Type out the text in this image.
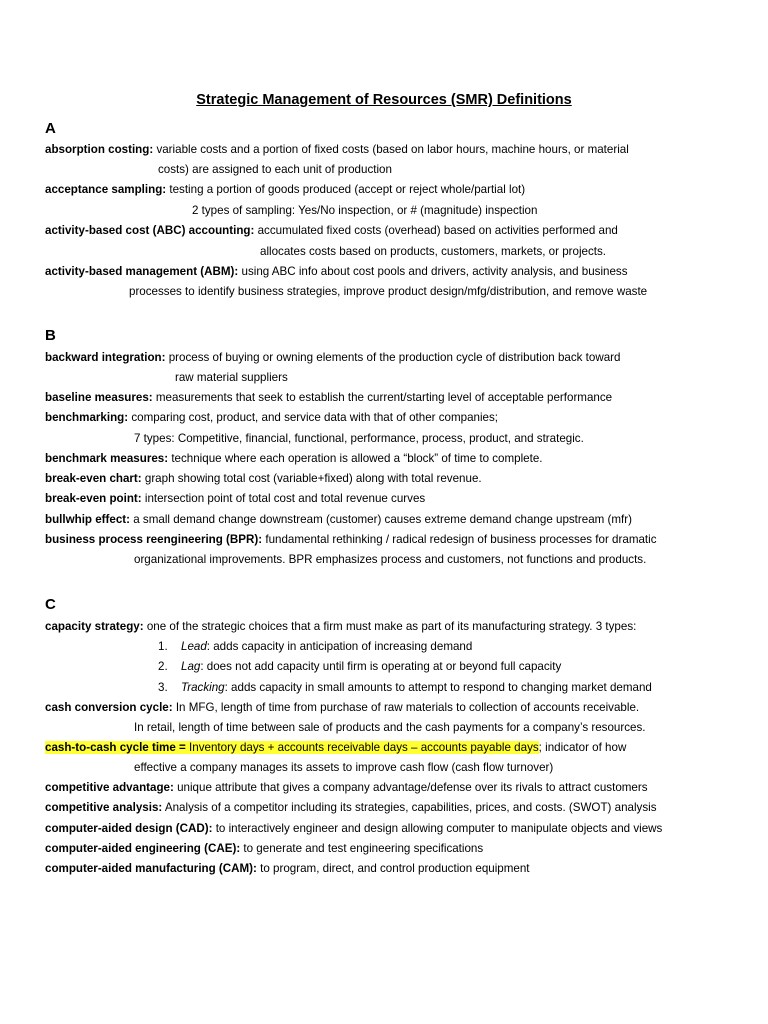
Strategic Management of Resources (SMR) Definitions
A
absorption costing: variable costs and a portion of fixed costs (based on labor hours, machine hours, or material
costs) are assigned to each unit of production
acceptance sampling: testing a portion of goods produced (accept or reject whole/partial lot)
2 types of sampling: Yes/No inspection, or # (magnitude) inspection
activity-based cost (ABC) accounting: accumulated fixed costs (overhead) based on activities performed and
allocates costs based on products, customers, markets, or projects.
activity-based management (ABM): using ABC info about cost pools and drivers, activity analysis, and business
processes to identify business strategies, improve product design/mfg/distribution, and remove waste
B
backward integration: process of buying or owning elements of the production cycle of distribution back toward
raw material suppliers
baseline measures: measurements that seek to establish the current/starting level of acceptable performance
benchmarking: comparing cost, product, and service data with that of other companies;
7 types: Competitive, financial, functional, performance, process, product, and strategic.
benchmark measures: technique where each operation is allowed a “block” of time to complete.
break-even chart: graph showing total cost (variable+fixed) along with total revenue.
break-even point: intersection point of total cost and total revenue curves
bullwhip effect: a small demand change downstream (customer) causes extreme demand change upstream (mfr)
business process reengineering (BPR): fundamental rethinking / radical redesign of business processes for dramatic
organizational improvements. BPR emphasizes process and customers, not functions and products.
C
capacity strategy: one of the strategic choices that a firm must make as part of its manufacturing strategy. 3 types:
1. Lead: adds capacity in anticipation of increasing demand
2. Lag: does not add capacity until firm is operating at or beyond full capacity
3. Tracking: adds capacity in small amounts to attempt to respond to changing market demand
cash conversion cycle: In MFG, length of time from purchase of raw materials to collection of accounts receivable.
In retail, length of time between sale of products and the cash payments for a company’s resources.
cash-to-cash cycle time = Inventory days + accounts receivable days – accounts payable days; indicator of how
effective a company manages its assets to improve cash flow (cash flow turnover)
competitive advantage: unique attribute that gives a company advantage/defense over its rivals to attract customers
competitive analysis: Analysis of a competitor including its strategies, capabilities, prices, and costs. (SWOT) analysis
computer-aided design (CAD): to interactively engineer and design allowing computer to manipulate objects and views
computer-aided engineering (CAE): to generate and test engineering specifications
computer-aided manufacturing (CAM): to program, direct, and control production equipment
